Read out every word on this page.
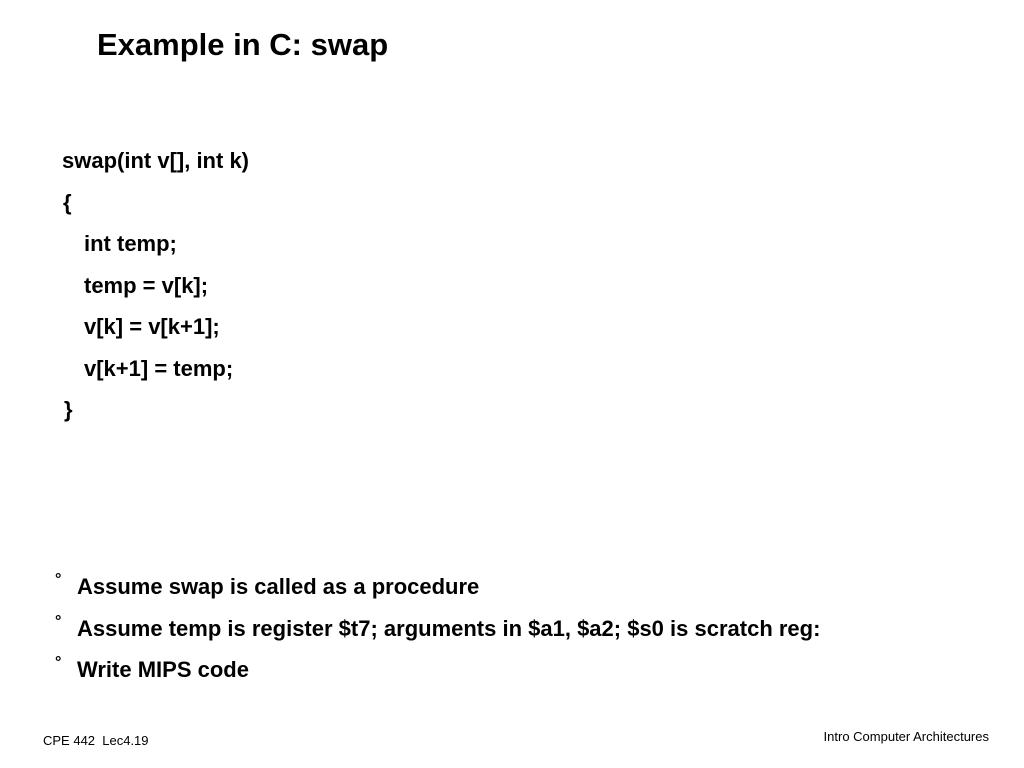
Example in C: swap
swap(int v[], int k)
{
int temp;
temp = v[k];
v[k] = v[k+1];
v[k+1] = temp;
}
° Assume swap is called as a procedure
° Assume temp is register $t7; arguments in $a1, $a2; $s0 is scratch reg:
° Write MIPS code
CPE 442  Lec4.19	Intro Computer Architectures
